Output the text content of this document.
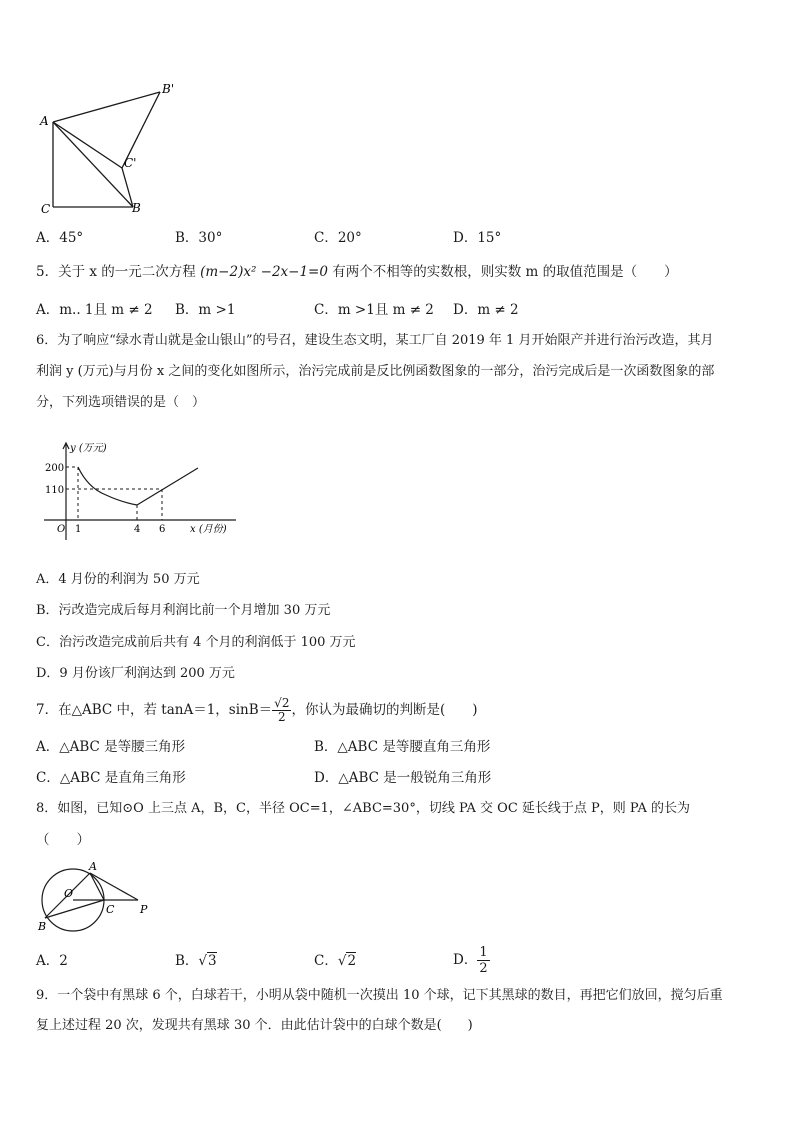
A
B'
C'
C	B
A．45°	B．30°	C．20°	D．15°
5．关于 x 的一元二次方程 (m−2)x² −2x−1=0 有两个不相等的实数根，则实数 m 的取值范围是（　　）
A．m.. 1且 m ≠ 2 B．m >1	C．m >1且 m ≠ 2 D．m ≠ 2
6．为了响应“绿水青山就是金山银山”的号召，建设生态文明，某工厂自 2019 年 1 月开始限产并进行治污改造，其月
利润 y (万元)与月份 x 之间的变化如图所示，治污完成前是反比例函数图象的一部分，治污完成后是一次函数图象的部
分，下列选项错误的是（　）
y (万元)
200
110
O 1	4 6 x (月份)
A．4 月份的利润为 50 万元
B．污改造完成后每月利润比前一个月增加 30 万元
C．治污改造完成前后共有 4 个月的利润低于 100 万元
D．9 月份该厂利润达到 200 万元
7．在△ABC 中，若 tanA＝1，$\sin B= \frac{√2}{2}$ ，你认为最确切的判断是(　　)
A．△ABC 是等腰三角形	B．△ABC 是等腰直角三角形
C．△ABC 是直角三角形	D．△ABC 是一般锐角三角形
8．如图，已知⊙O 上三点 A，B，C，半径 OC=1，∠ABC=30°，切线 PA 交 OC 延长线于点 P，则 PA 的长为
（　　）
A
O
C P
B
A．2	B．√3	C．√2	D． $\frac{1}{2}$
9．一个袋中有黑球 6 个，白球若干，小明从袋中随机一次摸出 10 个球，记下其黑球的数目，再把它们放回，搅匀后重
复上述过程 20 次，发现共有黑球 30 个．由此估计袋中的白球个数是(　　)
